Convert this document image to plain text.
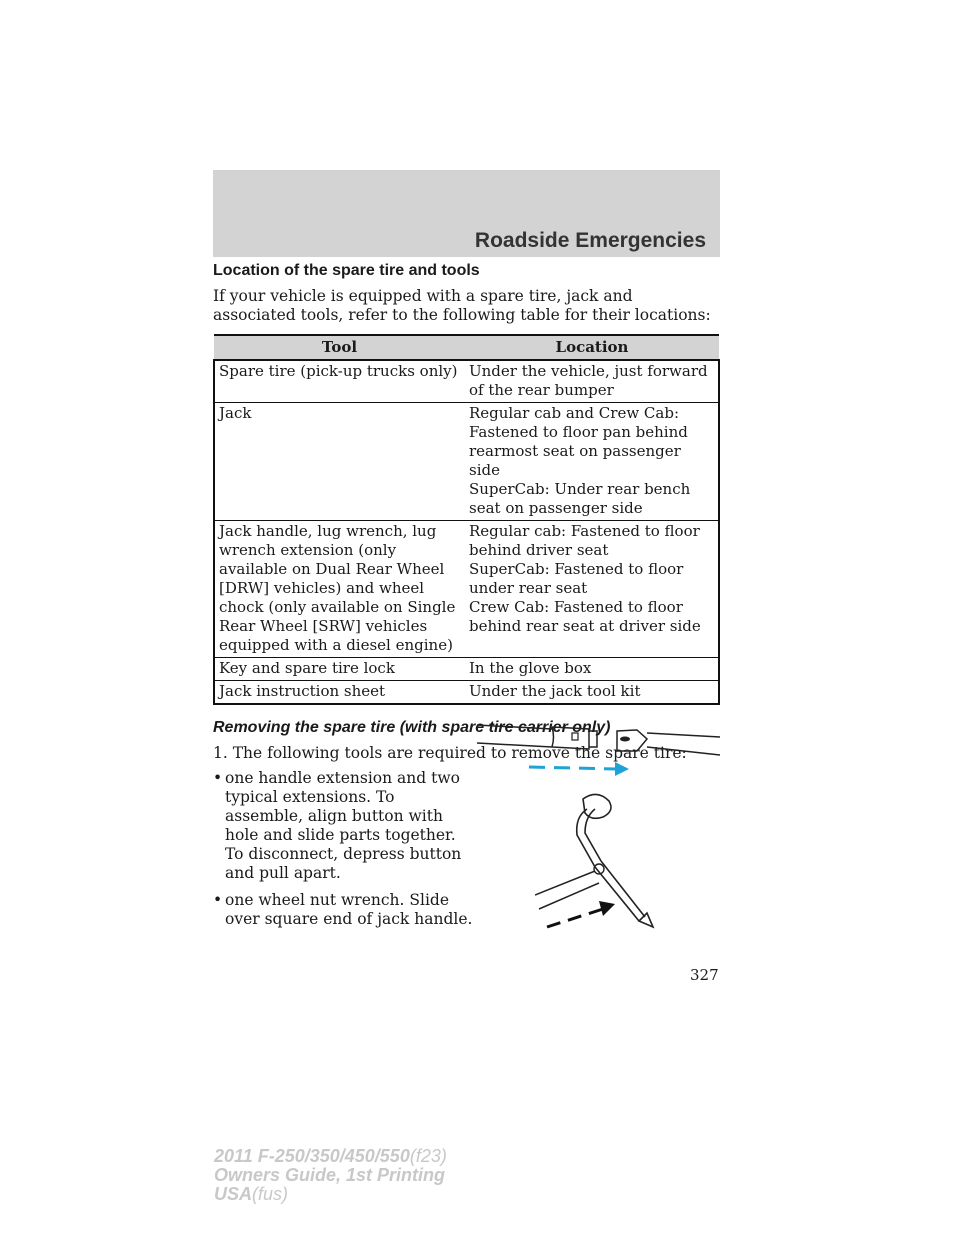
Roadside Emergencies
Location of the spare tire and tools

If your vehicle is equipped with a spare tire, jack and associated tools, refer to the following table for their locations:

Tool	Location

Spare tire (pick-up trucks only)	Under the vehicle, just forward of the rear bumper

Jack	Regular cab and Crew Cab: Fastened to floor pan behind rearmost seat on passenger side
SuperCab: Under rear bench seat on passenger side

Jack handle, lug wrench, lug wrench extension (only available on Dual Rear Wheel [DRW] vehicles) and wheel chock (only available on Single Rear Wheel [SRW] vehicles equipped with a diesel engine)	Regular cab: Fastened to floor behind driver seat
SuperCab: Fastened to floor under rear seat
Crew Cab: Fastened to floor behind rear seat at driver side

Key and spare tire lock	In the glove box

Jack instruction sheet	Under the jack tool kit
Removing the spare tire (with spare tire carrier only)

1. The following tools are required to remove the spare tire:

• one handle extension and two typical extensions. To assemble, align button with hole and slide parts together. To disconnect, depress button and pull apart.
• one wheel nut wrench. Slide over square end of jack handle.
327
2011 F-250/350/450/550(f23)
Owners Guide, 1st Printing
USA(fus)
